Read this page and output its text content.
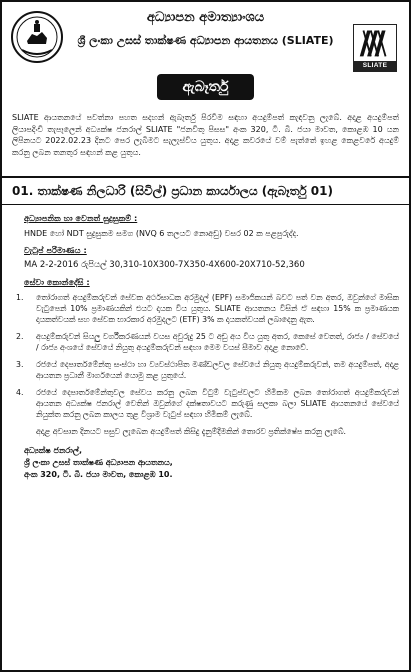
අධ්‍යාපන අමාත්‍යාංශය
ශ්‍රී ලංකා උසස් තාක්ෂණ අධ්‍යාපන ආයතනය (SLIATE)
SLIATE
ඇබෑර්තු
SLIATE ආයතනයේ පවත්නා පහත සදහන් ඇබෑර්තු පිරවීම සඳහා අයදුම්පත් කැඳවනු ලැබේ. අදාළ අයදුම්පත් ලියාපදිංචි තැපෑලෙන් අධ්‍යක්ෂ ජනරාල් SLIATE "ජනවිතු පිසස" අංක 320, ටී. බී. ජයා මාවත, කොළඹ 10 යන ලිපිනයට 2022.02.23 දිනට පෙර ලැබීමට සැලැස්විය යුතුය. අදාළ කවරයේ වම් පැත්තේ ඉහළ කෙළවරේ අයදුම් කරනු ලබන තනතුර සඳහන් කළ යුතුය.
01. තාක්ෂණ නිලධාරි (සිවිල්) ප්‍රධාන කාර්යාලය (ඇබෑර්තු 01)
අධ්‍යාපනික හා වෙනත් සුදුසුකම් :
HNDE හෝ NDT සුදුසුකම සමග (NVQ 6 තලයට නොඅඩු) වසර 02 ක පළපුරුද්ද.
වැටුප් පරිමාණය :
MA 2-2-2016 රුපියල් 30,310-10X300-7X350-4X600-20X710-52,360
සේවා කොන්දේසි :
1. තෝරාගත් අයදුම්කරුවන් සේවක අර්ථසාධක අරමුදල් (EPF) සමාජිකයන් බවට පත් වන අතර, ඔවුන්ගේ මාසික වැටුපෙන් 10% ප්‍රමාණයකින් එයට දායක විය යුතුය. SLIATE ආයතනය විසින් ඒ සඳහා 15% ක ප්‍රමාණයක දායකත්වයක් සහ සේවක භාරකාර අරමුදලට (ETF) 3% ක දායකත්වයක් ලබාදෙනු ඇත.
2. අයදුම්කරුවන් සියලු වර්ගීකරණයන් වයස අවුරුදු 25 ට අඩු අය විය යුතු අතර, කෙසේ වෙතත්, රාජ්‍ය / සේවයේ / රාජ්‍ය අංශයේ සේවයේ නියුතු අයදුම්කරුවන් සඳහා මෙම වයස් සීමාව අදාළ නොවේ.
3. රජයේ දෙපාර්තමේන්තු සංස්ථා හා ව්‍යවස්ථාපිත මණ්ඩලවල සේවයේ නියුතු අයදුම්කරුවන්, තම අයදුම්පත්, අදාළ ආයතන ප්‍රධානී මාර්ගයෙන් යොමු කළ යුතුයේ.
4. රජයේ දෙපාර්තමේන්තුවල සේවය කරනු ලබන විටුම් වැටුප්වලට හිමිකම ලබන තෝරාගත් අයදුම්කරුවන් ආයතන අධ්‍යක්ෂ ජනරාල් වෙතින් ඔවුන්ගේ දක්ෂතාවයට කරුණු සලකා බලා SLIATE ආයතනයේ සේවයේ නියුක්ත කරනු ලබන කාලය තුළ විශ්‍රාම වැටුප් සඳහා හිමිකම් ලැබේ.
අදාළ අවසාන දිනයට පසුව ලැබෙන අයදුම්පත් කිසිදු දැනුම්දීමකින් තොරව ප්‍රතික්ෂේප කරනු ලැබේ.
අධ්‍යක්ෂ ජනරාල්,
ශ්‍රී ලංකා උසස් තාක්ෂණ අධ්‍යාපන ආයතනය,
අංක 320, ටී. බී. ජයා මාවත, කොළඹ 10.
